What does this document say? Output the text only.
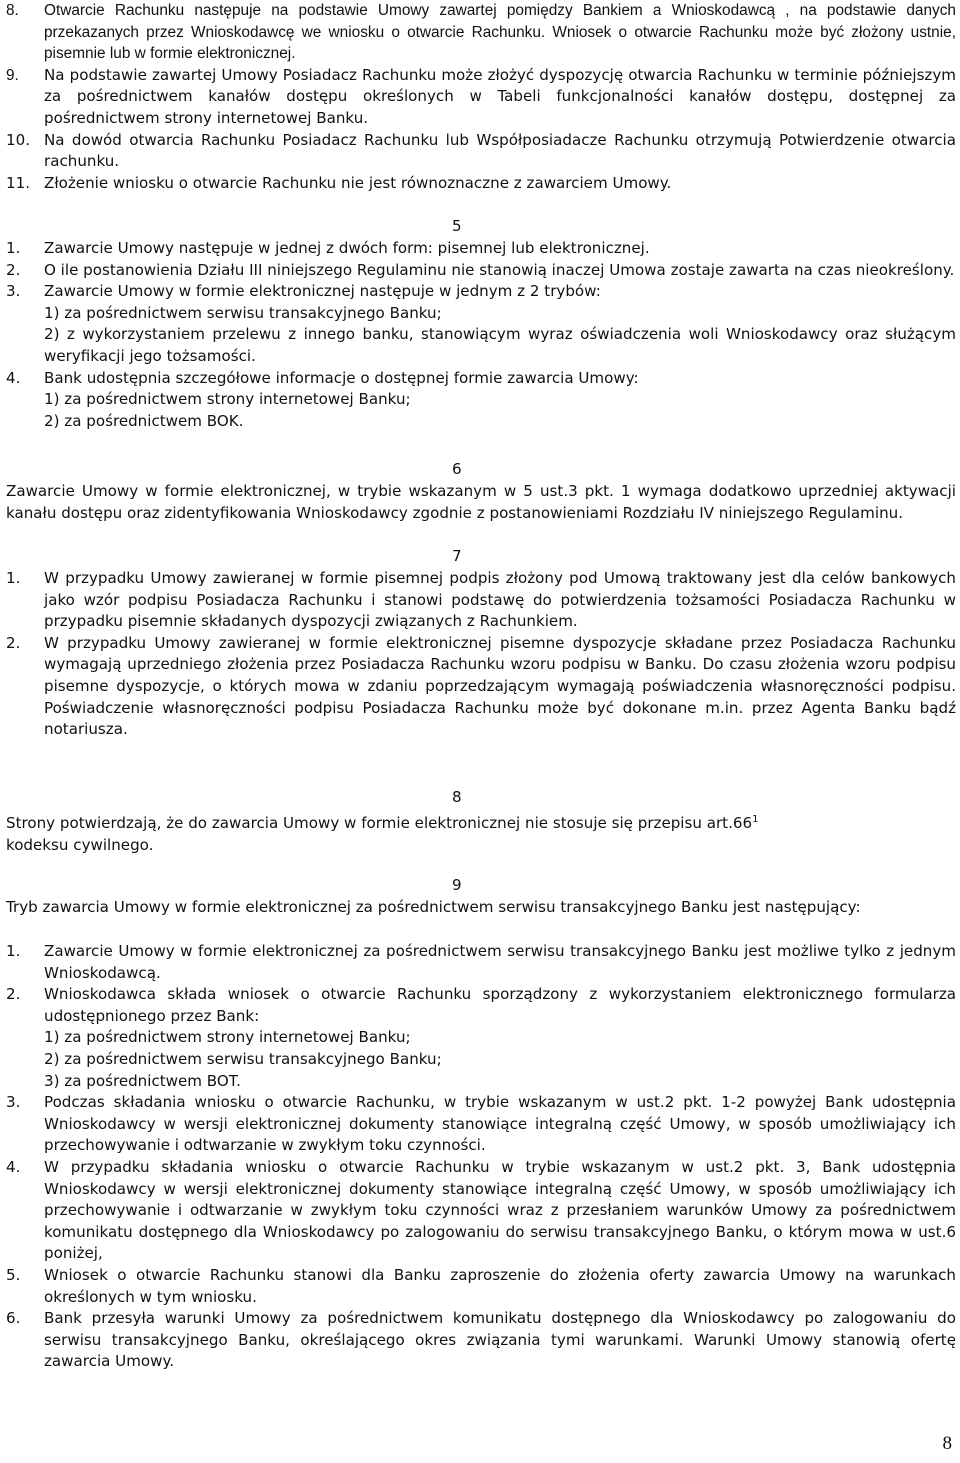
8.	Otwarcie Rachunku następuje na podstawie Umowy zawartej pomiędzy Bankiem a Wnioskodawcą , na podstawie danych przekazanych przez Wnioskodawcę we wniosku o otwarcie Rachunku. Wniosek o otwarcie Rachunku może być złożony ustnie, pisemnie lub w formie elektronicznej.
9.	Na podstawie zawartej Umowy Posiadacz Rachunku może złożyć dyspozycję otwarcia Rachunku w terminie późniejszym za pośrednictwem kanałów dostępu określonych w Tabeli funkcjonalności kanałów dostępu, dostępnej za pośrednictwem strony internetowej Banku.
10. Na dowód otwarcia Rachunku Posiadacz Rachunku lub Współposiadacze Rachunku otrzymują Potwierdzenie otwarcia rachunku.
11. Złożenie wniosku o otwarcie Rachunku nie jest równoznaczne z zawarciem Umowy.
5
1.	Zawarcie Umowy następuje w jednej z dwóch form: pisemnej lub elektronicznej.
2.	O ile postanowienia Działu III niniejszego Regulaminu nie stanowią inaczej Umowa zostaje zawarta na czas nieokreślony.
3.	Zawarcie Umowy w formie elektronicznej następuje w jednym z 2 trybów:
1) za pośrednictwem serwisu transakcyjnego Banku;
2) z wykorzystaniem przelewu z innego banku, stanowiącym wyraz oświadczenia woli Wnioskodawcy oraz służącym weryfikacji jego tożsamości.
4.	Bank udostępnia szczegółowe informacje o dostępnej formie zawarcia Umowy:
1) za pośrednictwem strony internetowej Banku;
2) za pośrednictwem BOK.
6
Zawarcie Umowy w formie elektronicznej, w trybie wskazanym w 5 ust.3 pkt. 1 wymaga dodatkowo uprzedniej aktywacji kanału dostępu oraz zidentyfikowania Wnioskodawcy zgodnie z postanowieniami Rozdziału IV niniejszego Regulaminu.
7
1.	W przypadku Umowy zawieranej w formie pisemnej podpis złożony pod Umową traktowany jest dla celów bankowych jako wzór podpisu Posiadacza Rachunku i stanowi podstawę do potwierdzenia tożsamości Posiadacza Rachunku w przypadku pisemnie składanych dyspozycji związanych z Rachunkiem.
2.	W przypadku Umowy zawieranej w formie elektronicznej pisemne dyspozycje składane przez Posiadacza Rachunku wymagają uprzedniego złożenia przez Posiadacza Rachunku wzoru podpisu w Banku. Do czasu złożenia wzoru podpisu pisemne dyspozycje, o których mowa w zdaniu poprzedzającym wymagają poświadczenia własnoręczności podpisu. Poświadczenie własnoręczności podpisu Posiadacza Rachunku może być dokonane m.in. przez Agenta Banku bądź notariusza.
8
Strony potwierdzają, że do zawarcia Umowy w formie elektronicznej nie stosuje się przepisu $art.66^1$
kodeksu cywilnego.
9
Tryb zawarcia Umowy w formie elektronicznej za pośrednictwem serwisu transakcyjnego Banku jest następujący:
1.	Zawarcie Umowy w formie elektronicznej za pośrednictwem serwisu transakcyjnego Banku jest możliwe tylko z jednym Wnioskodawcą.
2.	Wnioskodawca składa wniosek o otwarcie Rachunku sporządzony z wykorzystaniem elektronicznego formularza udostępnionego przez Bank:
1) za pośrednictwem strony internetowej Banku;
2) za pośrednictwem serwisu transakcyjnego Banku;
3) za pośrednictwem BOT.
3.	Podczas składania wniosku o otwarcie Rachunku, w trybie wskazanym w ust.2 pkt. 1-2 powyżej Bank udostępnia Wnioskodawcy w wersji elektronicznej dokumenty stanowiące integralną część Umowy, w sposób umożliwiający ich przechowywanie i odtwarzanie w zwykłym toku czynności.
4.	W przypadku składania wniosku o otwarcie Rachunku w trybie wskazanym w ust.2 pkt. 3, Bank udostępnia Wnioskodawcy w wersji elektronicznej dokumenty stanowiące integralną część Umowy, w sposób umożliwiający ich przechowywanie i odtwarzanie w zwykłym toku czynności wraz z przesłaniem warunków Umowy za pośrednictwem komunikatu dostępnego dla Wnioskodawcy po zalogowaniu do serwisu transakcyjnego Banku, o którym mowa w ust.6 poniżej,
5.	Wniosek o otwarcie Rachunku stanowi dla Banku zaproszenie do złożenia oferty zawarcia Umowy na warunkach określonych w tym wniosku.
6.	Bank przesyła warunki Umowy za pośrednictwem komunikatu dostępnego dla Wnioskodawcy po zalogowaniu do serwisu transakcyjnego Banku, określającego okres związania tymi warunkami. Warunki Umowy stanowią ofertę zawarcia Umowy.
8
